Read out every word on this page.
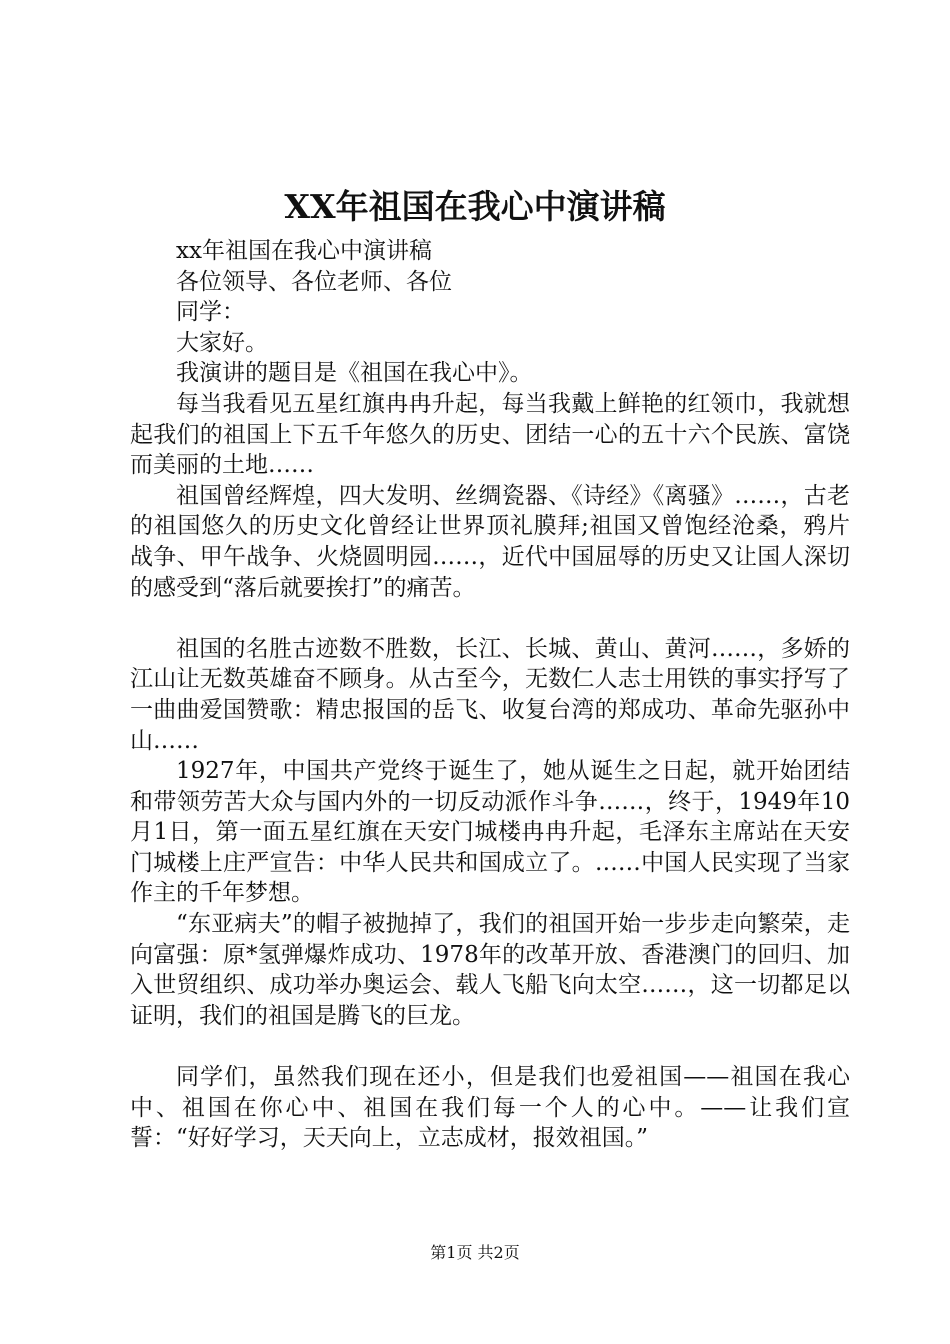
XX年祖国在我心中演讲稿

xx年祖国在我心中演讲稿

各位领导、各位老师、各位

同学：

大家好。

我演讲的题目是《祖国在我心中》。

每当我看见五星红旗冉冉升起，每当我戴上鲜艳的红领巾，我就想起我们的祖国上下五千年悠久的历史、团结一心的五十六个民族、富饶而美丽的土地……

祖国曾经辉煌，四大发明、丝绸瓷器、《诗经》《离骚》……，古老的祖国悠久的历史文化曾经让世界顶礼膜拜;祖国又曾饱经沧桑，鸦片战争、甲午战争、火烧圆明园……，近代中国屈辱的历史又让国人深切的感受到“落后就要挨打”的痛苦。

祖国的名胜古迹数不胜数，长江、长城、黄山、黄河……，多娇的江山让无数英雄奋不顾身。从古至今，无数仁人志士用铁的事实抒写了一曲曲爱国赞歌：精忠报国的岳飞、收复台湾的郑成功、革命先驱孙中山……

1927年，中国共产党终于诞生了，她从诞生之日起，就开始团结和带领劳苦大众与国内外的一切反动派作斗争……，终于，1949年10月1日，第一面五星红旗在天安门城楼冉冉升起，毛泽东主席站在天安门城楼上庄严宣告：中华人民共和国成立了。……中国人民实现了当家作主的千年梦想。

“东亚病夫”的帽子被抛掉了，我们的祖国开始一步步走向繁荣，走向富强：原*氢弹爆炸成功、1978年的改革开放、香港澳门的回归、加入世贸组织、成功举办奥运会、载人飞船飞向太空……，这一切都足以证明，我们的祖国是腾飞的巨龙。

同学们，虽然我们现在还小，但是我们也爱祖国——祖国在我心中、祖国在你心中、祖国在我们每一个人的心中。——让我们宣誓：“好好学习，天天向上，立志成材，报效祖国。”

第1页 共2页
